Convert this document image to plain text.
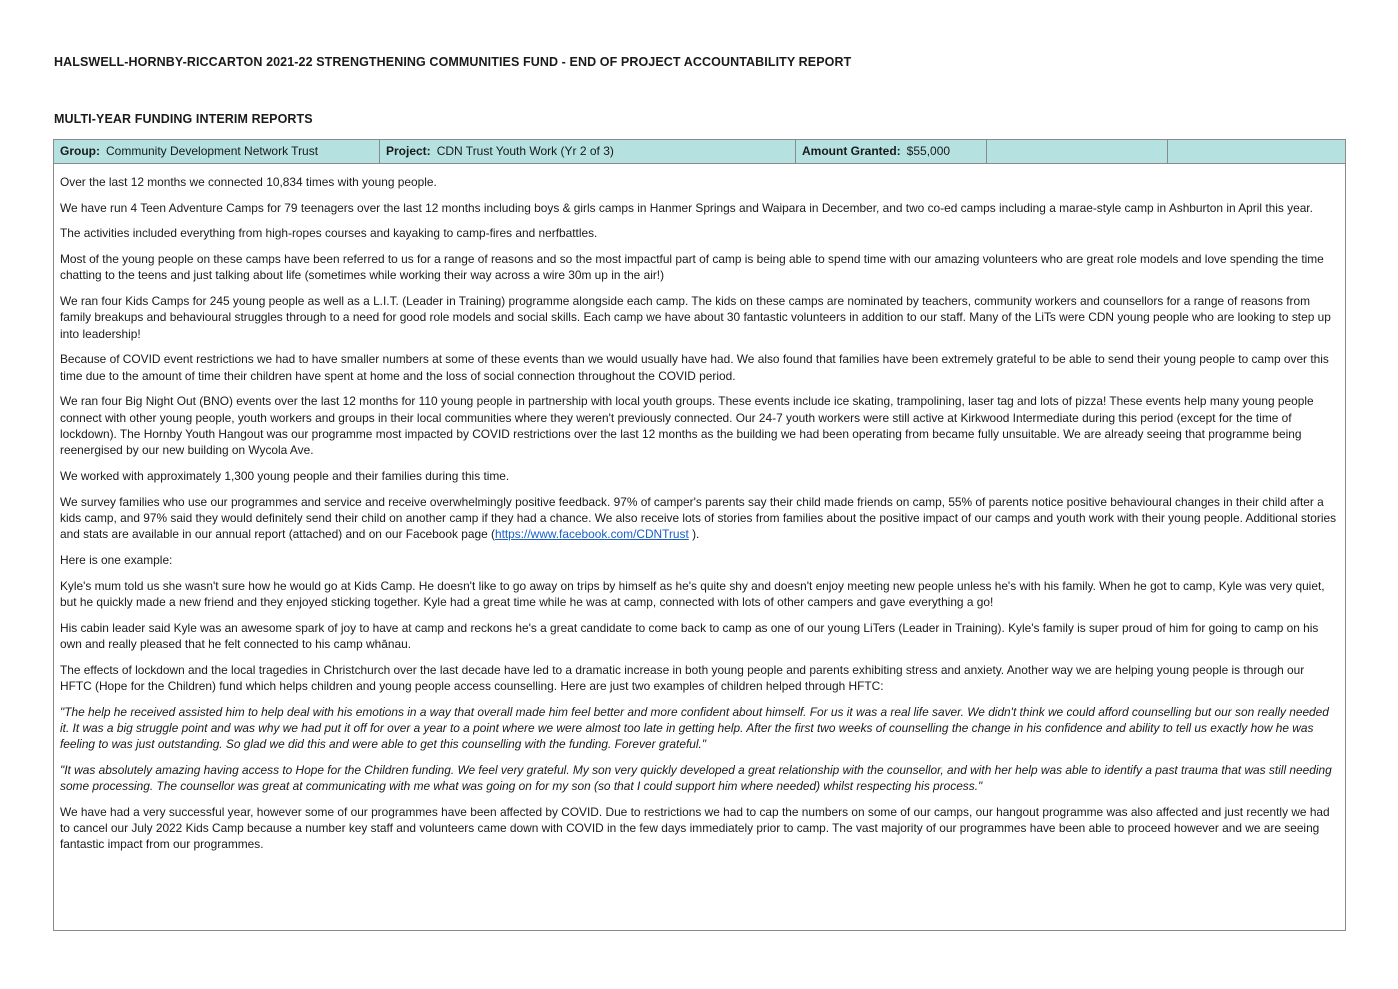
HALSWELL-HORNBY-RICCARTON 2021-22 STRENGTHENING COMMUNITIES FUND - END OF PROJECT ACCOUNTABILITY REPORT
MULTI-YEAR FUNDING INTERIM REPORTS
Group: Community Development Network Trust	Project: CDN Trust Youth Work (Yr 2 of 3)	Amount Granted: $55,000

Over the last 12 months we connected 10,834 times with young people.

We have run 4 Teen Adventure Camps for 79 teenagers over the last 12 months including boys & girls camps in Hanmer Springs and Waipara in December, and two co-ed camps including a marae-style camp in Ashburton in April this year.

The activities included everything from high-ropes courses and kayaking to camp-fires and nerfbattles.

Most of the young people on these camps have been referred to us for a range of reasons and so the most impactful part of camp is being able to spend time with our amazing volunteers who are great role models and love spending the time chatting to the teens and just talking about life (sometimes while working their way across a wire 30m up in the air!)

We ran four Kids Camps for 245 young people as well as a L.I.T. (Leader in Training) programme alongside each camp. The kids on these camps are nominated by teachers, community workers and counsellors for a range of reasons from family breakups and behavioural struggles through to a need for good role models and social skills. Each camp we have about 30 fantastic volunteers in addition to our staff. Many of the LiTs were CDN young people who are looking to step up into leadership!

Because of COVID event restrictions we had to have smaller numbers at some of these events than we would usually have had. We also found that families have been extremely grateful to be able to send their young people to camp over this time due to the amount of time their children have spent at home and the loss of social connection throughout the COVID period.

We ran four Big Night Out (BNO) events over the last 12 months for 110 young people in partnership with local youth groups. These events include ice skating, trampolining, laser tag and lots of pizza! These events help many young people connect with other young people, youth workers and groups in their local communities where they weren't previously connected. Our 24-7 youth workers were still active at Kirkwood Intermediate during this period (except for the time of lockdown). The Hornby Youth Hangout was our programme most impacted by COVID restrictions over the last 12 months as the building we had been operating from became fully unsuitable. We are already seeing that programme being reenergised by our new building on Wycola Ave.

We worked with approximately 1,300 young people and their families during this time.

We survey families who use our programmes and service and receive overwhelmingly positive feedback. 97% of camper's parents say their child made friends on camp, 55% of parents notice positive behavioural changes in their child after a kids camp, and 97% said they would definitely send their child on another camp if they had a chance. We also receive lots of stories from families about the positive impact of our camps and youth work with their young people. Additional stories and stats are available in our annual report (attached) and on our Facebook page (https://www.facebook.com/CDNTrust ).

Here is one example:

Kyle's mum told us she wasn't sure how he would go at Kids Camp. He doesn't like to go away on trips by himself as he's quite shy and doesn't enjoy meeting new people unless he's with his family. When he got to camp, Kyle was very quiet, but he quickly made a new friend and they enjoyed sticking together. Kyle had a great time while he was at camp, connected with lots of other campers and gave everything a go!

His cabin leader said Kyle was an awesome spark of joy to have at camp and reckons he's a great candidate to come back to camp as one of our young LiTers (Leader in Training). Kyle's family is super proud of him for going to camp on his own and really pleased that he felt connected to his camp whānau.

The effects of lockdown and the local tragedies in Christchurch over the last decade have led to a dramatic increase in both young people and parents exhibiting stress and anxiety. Another way we are helping young people is through our HFTC (Hope for the Children) fund which helps children and young people access counselling. Here are just two examples of children helped through HFTC:

"The help he received assisted him to help deal with his emotions in a way that overall made him feel better and more confident about himself. For us it was a real life saver. We didn't think we could afford counselling but our son really needed it. It was a big struggle point and was why we had put it off for over a year to a point where we were almost too late in getting help. After the first two weeks of counselling the change in his confidence and ability to tell us exactly how he was feeling to was just outstanding. So glad we did this and were able to get this counselling with the funding. Forever grateful."

"It was absolutely amazing having access to Hope for the Children funding. We feel very grateful. My son very quickly developed a great relationship with the counsellor, and with her help was able to identify a past trauma that was still needing some processing. The counsellor was great at communicating with me what was going on for my son (so that I could support him where needed) whilst respecting his process."

We have had a very successful year, however some of our programmes have been affected by COVID. Due to restrictions we had to cap the numbers on some of our camps, our hangout programme was also affected and just recently we had to cancel our July 2022 Kids Camp because a number key staff and volunteers came down with COVID in the few days immediately prior to camp. The vast majority of our programmes have been able to proceed however and we are seeing fantastic impact from our programmes.
